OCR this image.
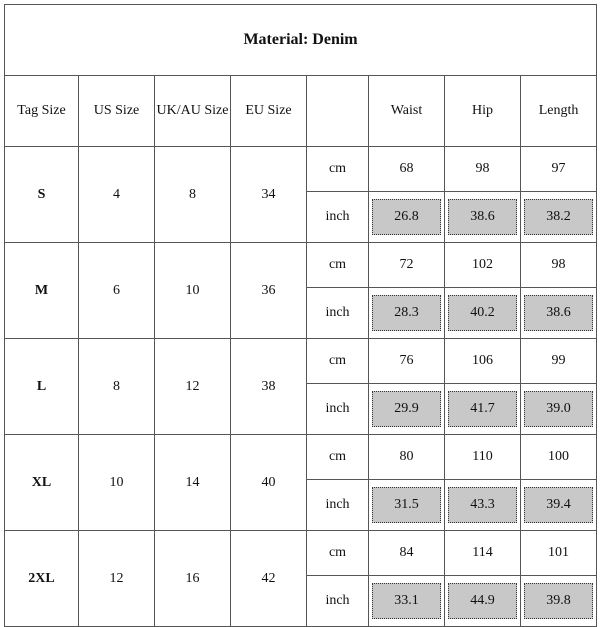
Material: Denim							
Tag Size	US Size	UK/AU Size	EU Size		Waist	Hip	Length
S	4	8	34	cm	68	98	97
				inch	26.8	38.6	38.2

M	6	10	36	cm	72	102	98
				inch	28.3	40.2	38.6

L	8	12	38	cm	76	106	99
				inch	29.9	41.7	39.0

XL	10	14	40	cm	80	110	100
				inch	31.5	43.3	39.4

2XL	12	16	42	cm	84	114	101
				inch	33.1	44.9	39.8
